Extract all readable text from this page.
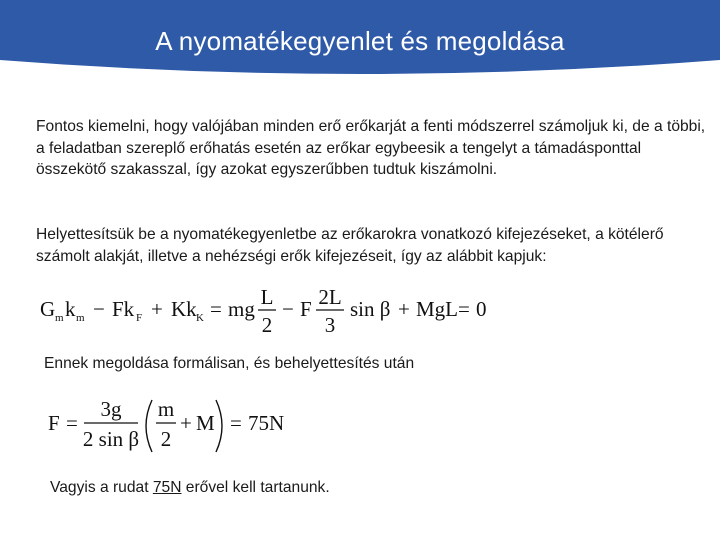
A nyomatékegyenlet és megoldása

Fontos kiemelni, hogy valójában minden erő erőkarját a fenti módszerrel számoljuk ki, de a többi, a feladatban szereplő erőhatás esetén az erőkar egybeesik a tengelyt a támadásponttal összekötő szakasszal, így azokat egyszerűbben tudtuk kiszámolni.

Helyettesítsük be a nyomatékegyenletbe az erőkarokra vonatkozó kifejezéseket, a kötélerő számolt alakját, illetve a nehézségi erők kifejezéseit, így az alábbit kapjuk:

G m k m − Fk F + Kk K = mg L
2
− F 2L
3
sin β + MgL = 0
Ennek megoldása formálisan, és behelyettesítés után
F =
3g
2 sin β
m
2
+ M = 75N
Vagyis a rudat 75N erővel kell tartanunk.
